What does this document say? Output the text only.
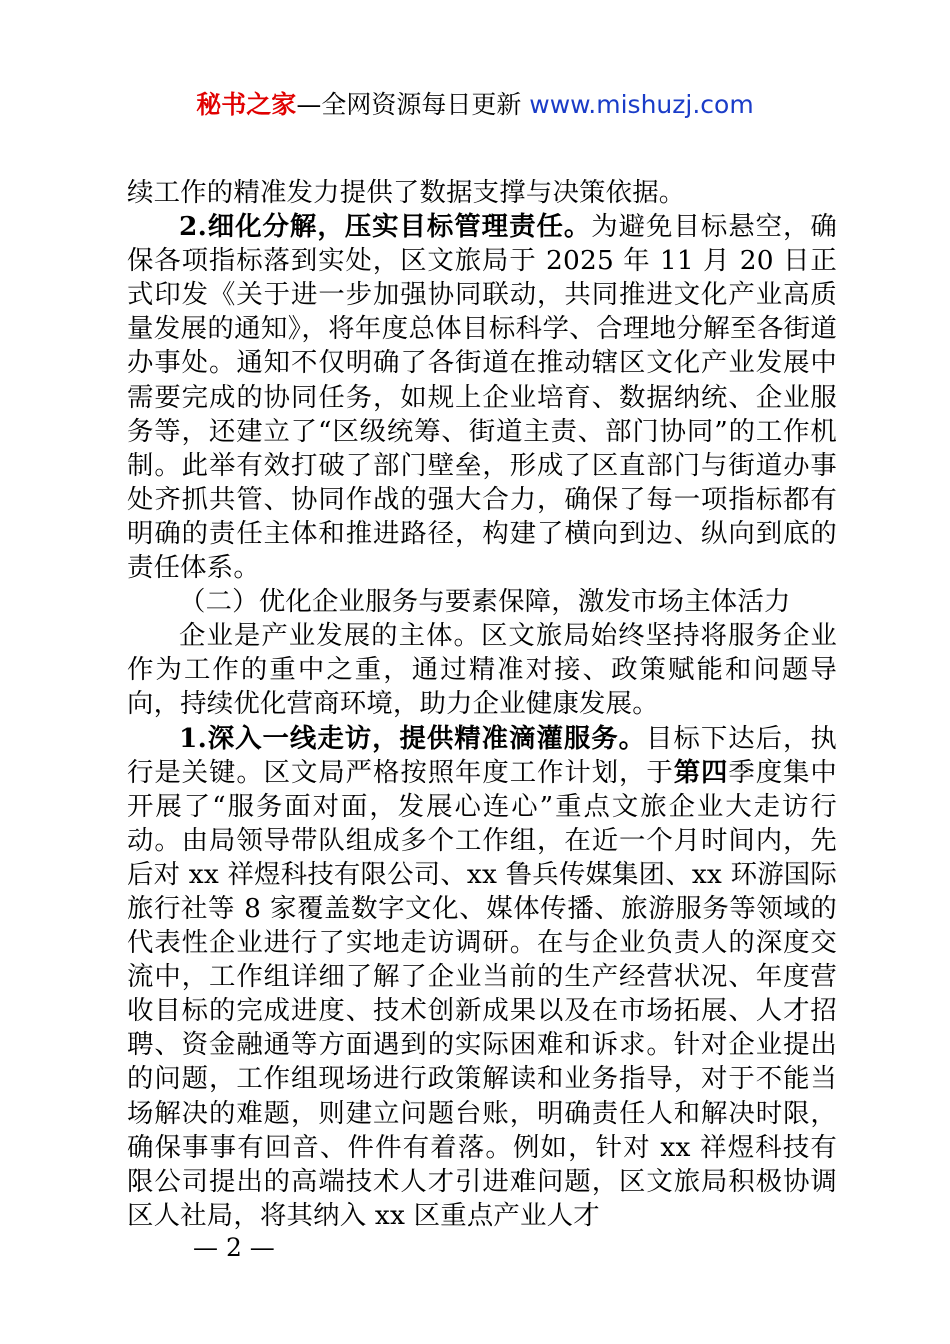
秘书之家—全网资源每日更新 www.mishuzj.com

续工作的精准发力提供了数据支撑与决策依据。

2.细化分解，压实目标管理责任。为避免目标悬空，确保各项指标落到实处，区文旅局于 2025 年 11 月 20 日正式印发《关于进一步加强协同联动，共同推进文化产业高质量发展的通知》，将年度总体目标科学、合理地分解至各街道办事处。通知不仅明确了各街道在推动辖区文化产业发展中需要完成的协同任务，如规上企业培育、数据纳统、企业服务等，还建立了“区级统筹、街道主责、部门协同”的工作机制。此举有效打破了部门壁垒，形成了区直部门与街道办事处齐抓共管、协同作战的强大合力，确保了每一项指标都有明确的责任主体和推进路径，构建了横向到边、纵向到底的责任体系。

（二）优化企业服务与要素保障，激发市场主体活力

企业是产业发展的主体。区文旅局始终坚持将服务企业作为工作的重中之重，通过精准对接、政策赋能和问题导向，持续优化营商环境，助力企业健康发展。

1.深入一线走访，提供精准滴灌服务。目标下达后，执行是关键。区文局严格按照年度工作计划，于第四季度集中开展了“服务面对面，发展心连心”重点文旅企业大走访行动。由局领导带队组成多个工作组，在近一个月时间内，先后对 xx 祥煜科技有限公司、xx 鲁兵传媒集团、xx 环游国际旅行社等 8 家覆盖数字文化、媒体传播、旅游服务等领域的代表性企业进行了实地走访调研。在与企业负责人的深度交流中，工作组详细了解了企业当前的生产经营状况、年度营收目标的完成进度、技术创新成果以及在市场拓展、人才招聘、资金融通等方面遇到的实际困难和诉求。针对企业提出的问题，工作组现场进行政策解读和业务指导，对于不能当场解决的难题，则建立问题台账，明确责任人和解决时限，确保事事有回音、件件有着落。例如，针对 xx 祥煜科技有限公司提出的高端技术人才引进难问题，区文旅局积极协调区人社局，将其纳入 xx 区重点产业人才

— 2 —
